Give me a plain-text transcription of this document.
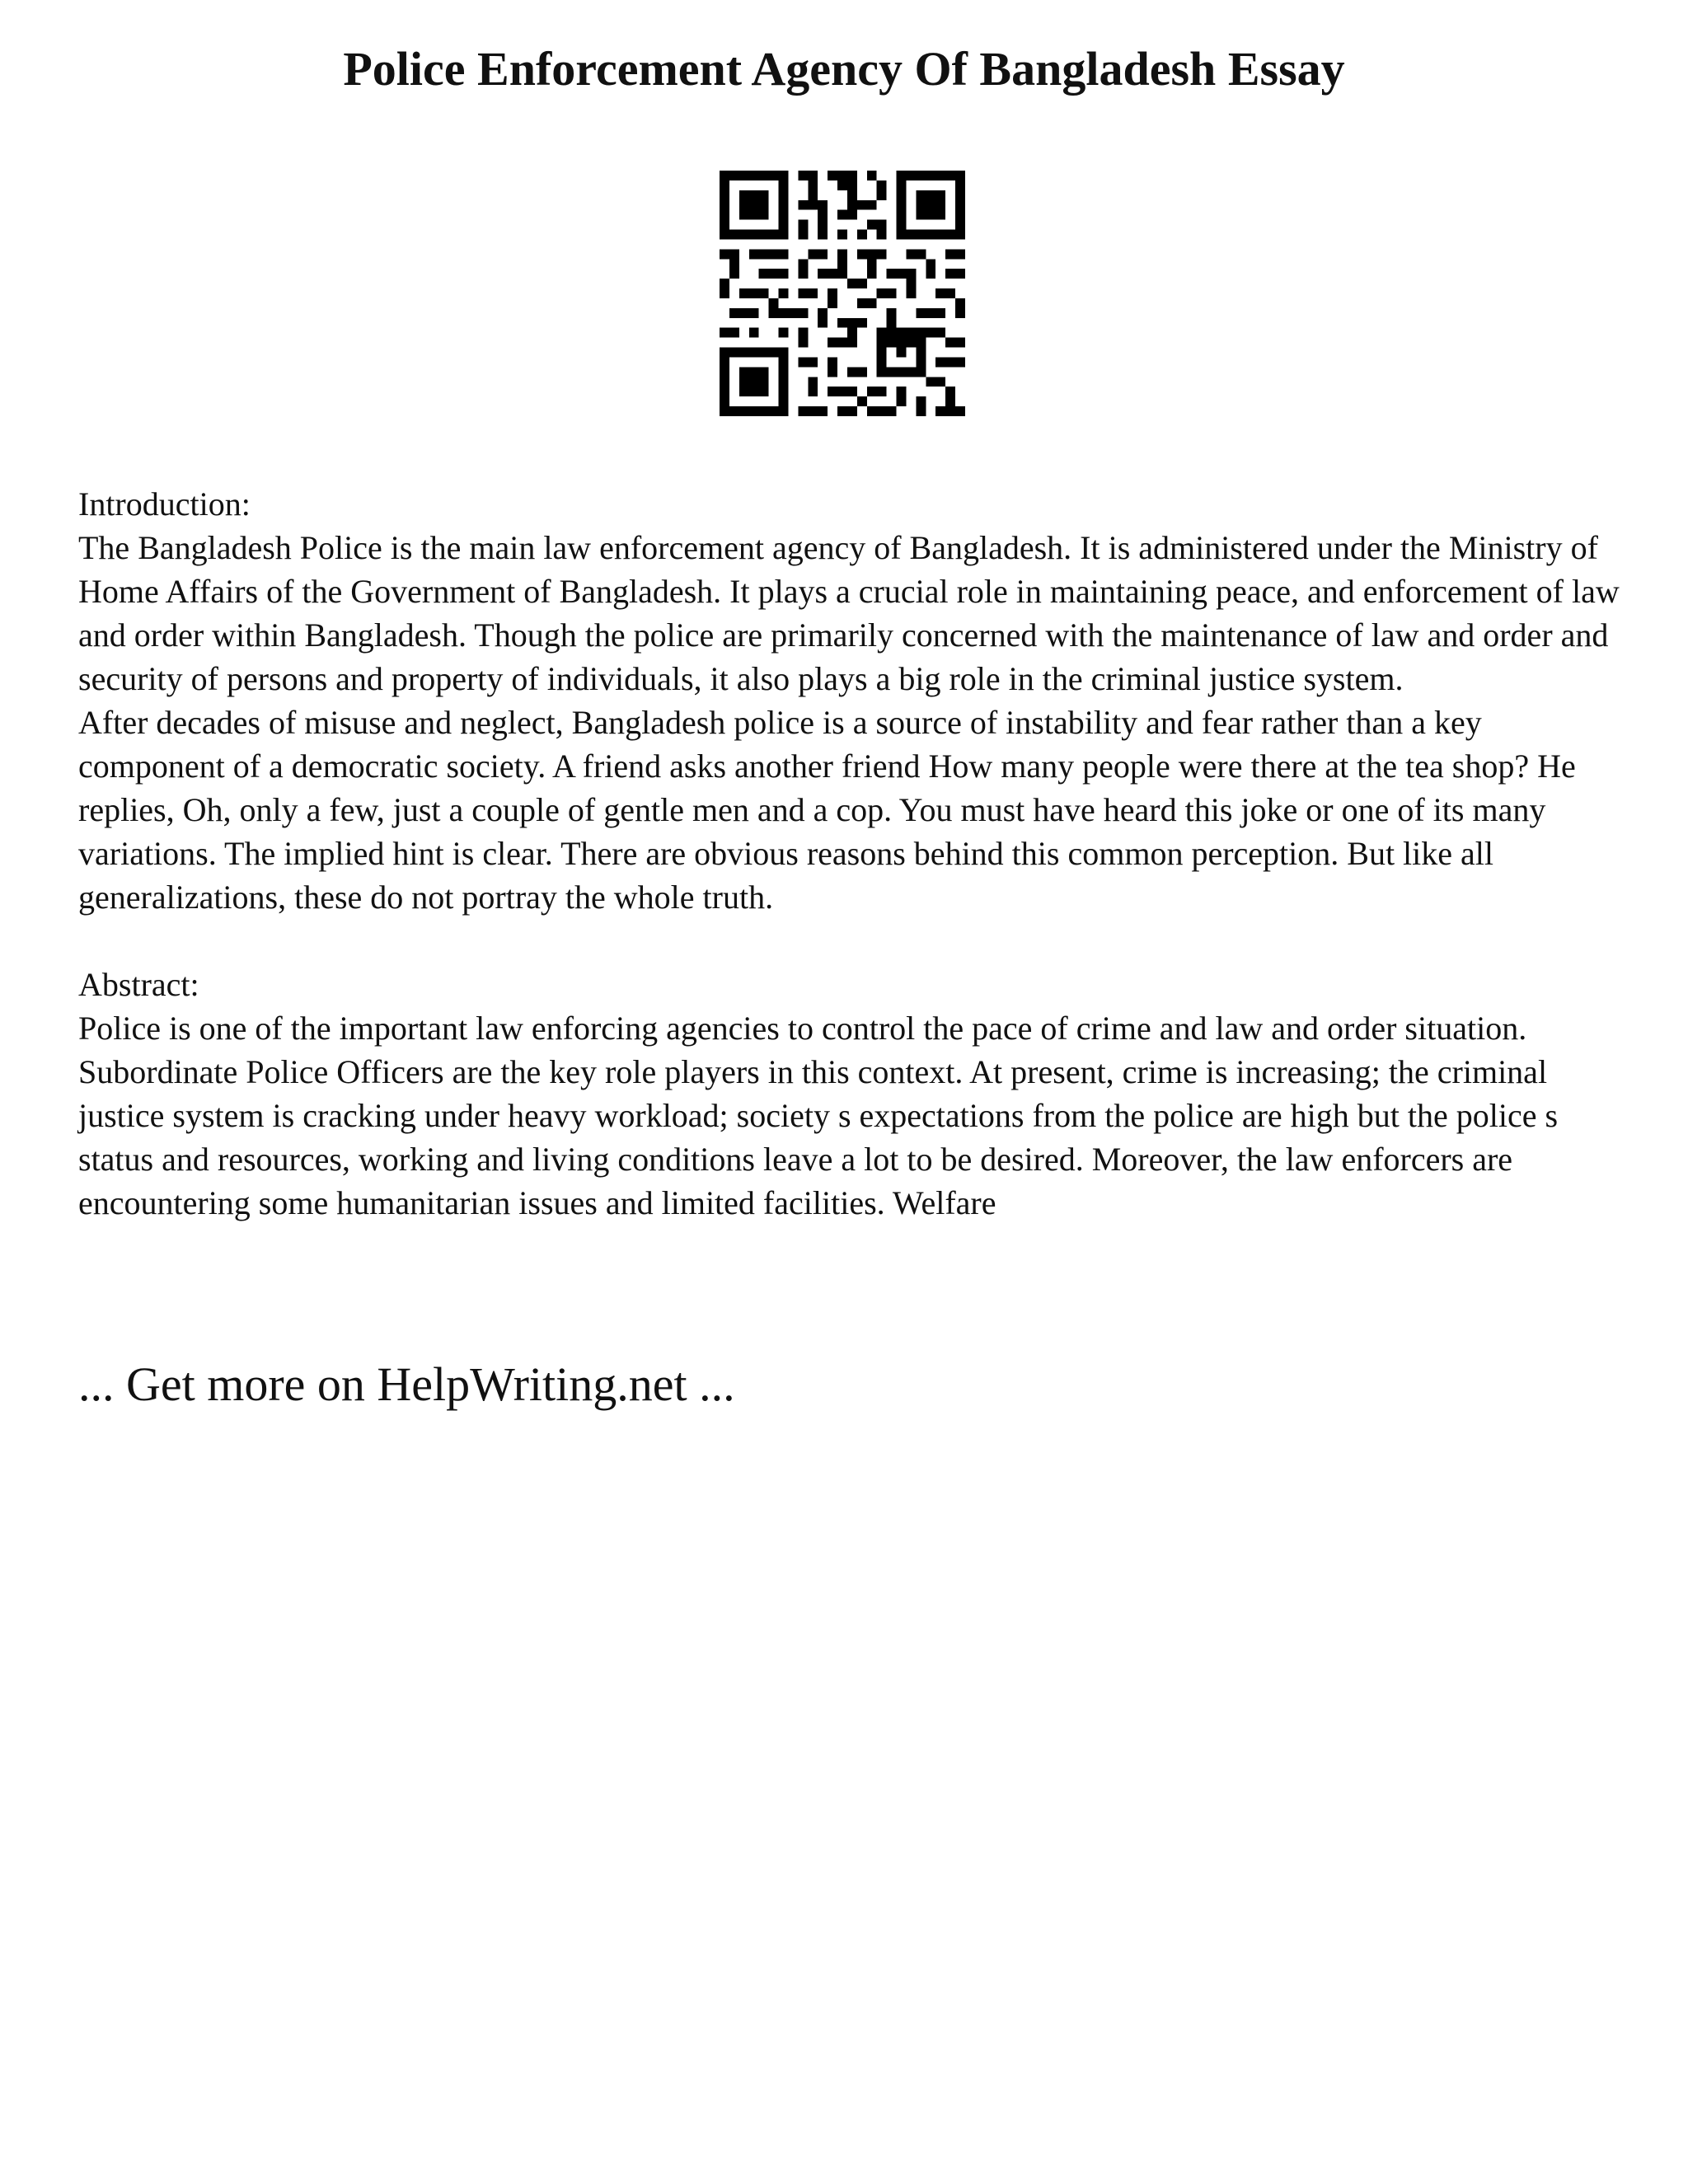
Police Enforcement Agency Of Bangladesh Essay

Introduction:

The Bangladesh Police is the main law enforcement agency of Bangladesh. It is administered under the Ministry of Home Affairs of the Government of Bangladesh. It plays a crucial role in maintaining peace, and enforcement of law and order within Bangladesh. Though the police are primarily concerned with the maintenance of law and order and security of persons and property of individuals, it also plays a big role in the criminal justice system.

After decades of misuse and neglect, Bangladesh police is a source of instability and fear rather than a key component of a democratic society. A friend asks another friend How many people were there at the tea shop? He replies, Oh, only a few, just a couple of gentle men and a cop. You must have heard this joke or one of its many variations. The implied hint is clear. There are obvious reasons behind this common perception. But like all generalizations, these do not portray the whole truth.

Abstract:

Police is one of the important law enforcing agencies to control the pace of crime and law and order situation. Subordinate Police Officers are the key role players in this context. At present, crime is increasing; the criminal justice system is cracking under heavy workload; society s expectations from the police are high but the police s status and resources, working and living conditions leave a lot to be desired. Moreover, the law enforcers are encountering some humanitarian issues and limited facilities. Welfare

... Get more on HelpWriting.net ...
